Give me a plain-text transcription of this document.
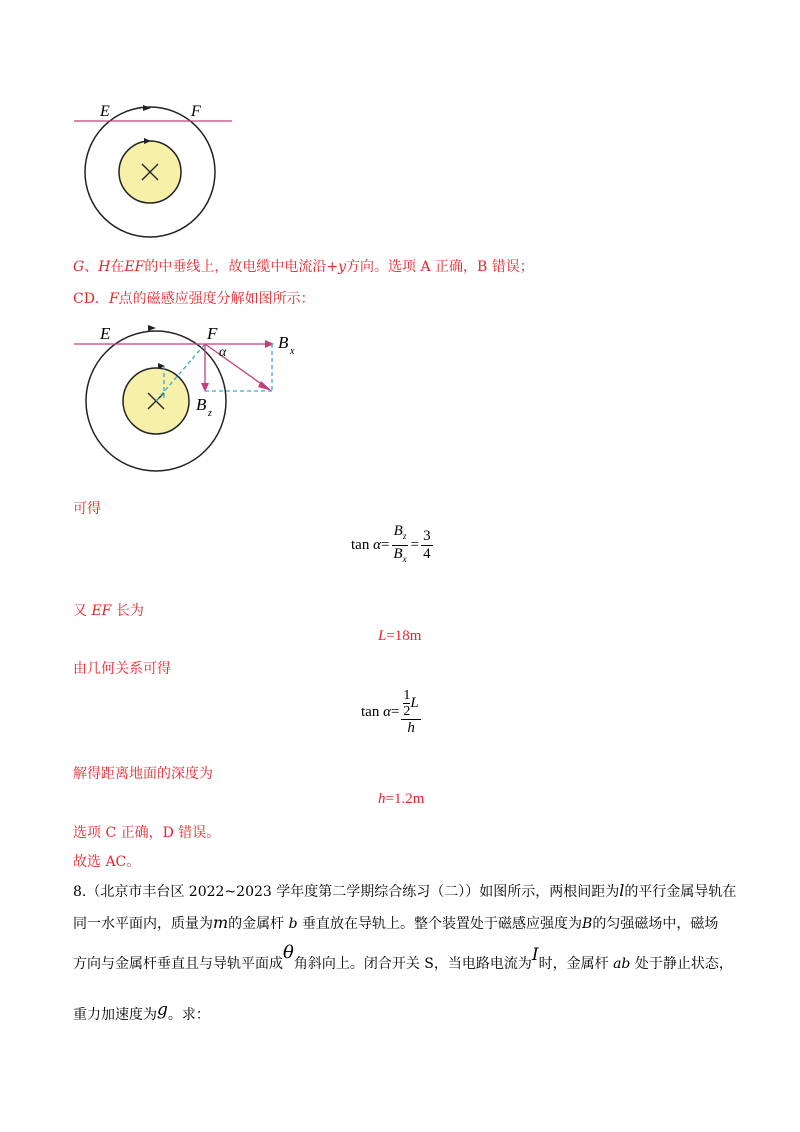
E	F
G、H在EF的中垂线上，故电缆中电流沿+y方向。选项 A 正确，B 错误；
CD．F点的磁感应强度分解如图所示：
E	F
α
B x
B z
可得
$\tan \alpha= \frac{B_z}{B_x} = \frac{3}{4}$
又 EF 长为
L=18m
由几何关系可得
$\tan \alpha= \frac{\frac{1}{2} L}{h}$
解得距离地面的深度为
h=1.2m
选项 C 正确，D 错误。
故选 AC。
8.（北京市丰台区 2022~2023 学年度第二学期综合练习（二））如图所示，两根间距为l的平行金属导轨在
同一水平面内，质量为m的金属杆 b 垂直放在导轨上。整个装置处于磁感应强度为B的匀强磁场中，磁场
方向与金属杆垂直且与导轨平面成θ角斜向上。闭合开关 S，当电路电流为I时，金属杆 ab 处于静止状态，
重力加速度为g。求：
